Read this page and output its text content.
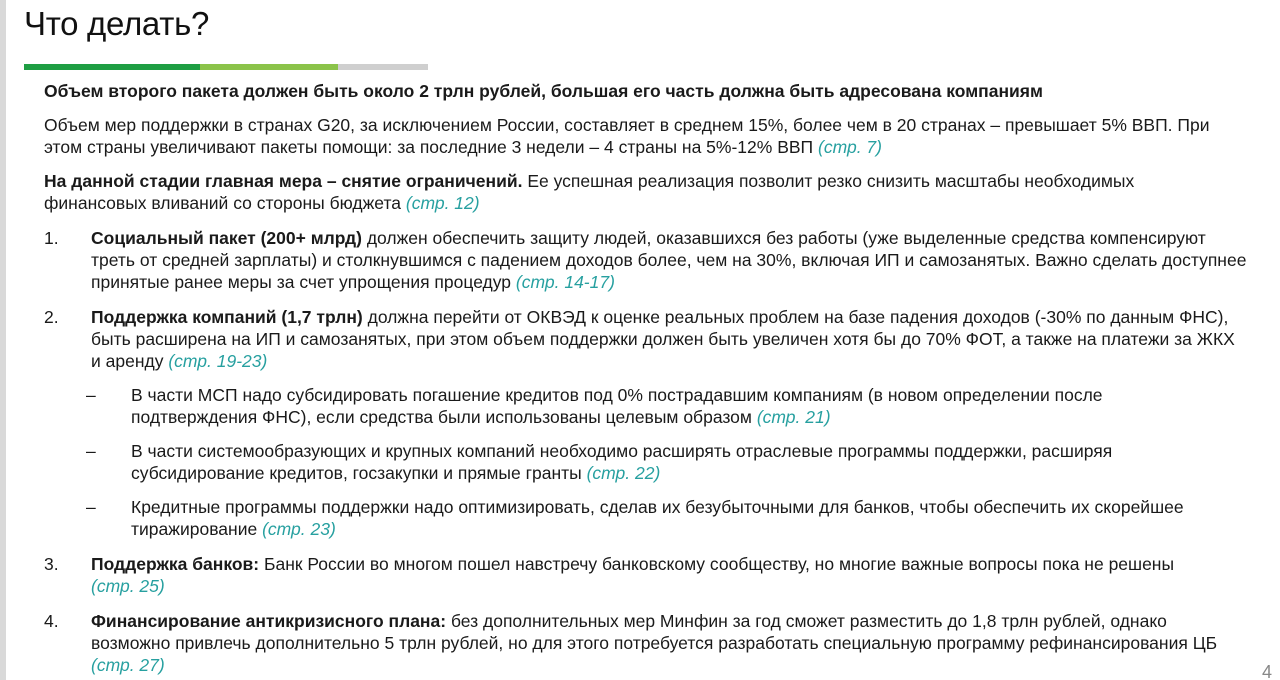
Что делать?

Объем второго пакета должен быть около 2 трлн рублей, большая его часть должна быть адресована компаниям

Объем мер поддержки в странах G20, за исключением России, составляет в среднем 15%, более чем в 20 странах – превышает 5% ВВП. При этом страны увеличивают пакеты помощи: за последние 3 недели – 4 страны на 5%-12% ВВП (стр. 7)

На данной стадии главная мера – снятие ограничений. Ее успешная реализация позволит резко снизить масштабы необходимых финансовых вливаний со стороны бюджета (стр. 12)

1. Социальный пакет (200+ млрд) должен обеспечить защиту людей, оказавшихся без работы (уже выделенные средства компенсируют треть от средней зарплаты) и столкнувшимся с падением доходов более, чем на 30%, включая ИП и самозанятых. Важно сделать доступнее принятые ранее меры за счет упрощения процедур (стр. 14-17)

2. Поддержка компаний (1,7 трлн) должна перейти от ОКВЭД к оценке реальных проблем на базе падения доходов (-30% по данным ФНС), быть расширена на ИП и самозанятых, при этом объем поддержки должен быть увеличен хотя бы до 70% ФОТ, а также на платежи за ЖКХ и аренду (стр. 19-23)

– В части МСП надо субсидировать погашение кредитов под 0% пострадавшим компаниям (в новом определении после подтверждения ФНС), если средства были использованы целевым образом (стр. 21)

– В части системообразующих и крупных компаний необходимо расширять отраслевые программы поддержки, расширяя субсидирование кредитов, госзакупки и прямые гранты (стр. 22)

– Кредитные программы поддержки надо оптимизировать, сделав их безубыточными для банков, чтобы обеспечить их скорейшее тиражирование (стр. 23)

3. Поддержка банков: Банк России во многом пошел навстречу банковскому сообществу, но многие важные вопросы пока не решены (стр. 25)

4. Финансирование антикризисного плана: без дополнительных мер Минфин за год сможет разместить до 1,8 трлн рублей, однако возможно привлечь дополнительно 5 трлн рублей, но для этого потребуется разработать специальную программу рефинансирования ЦБ (стр. 27)	4
